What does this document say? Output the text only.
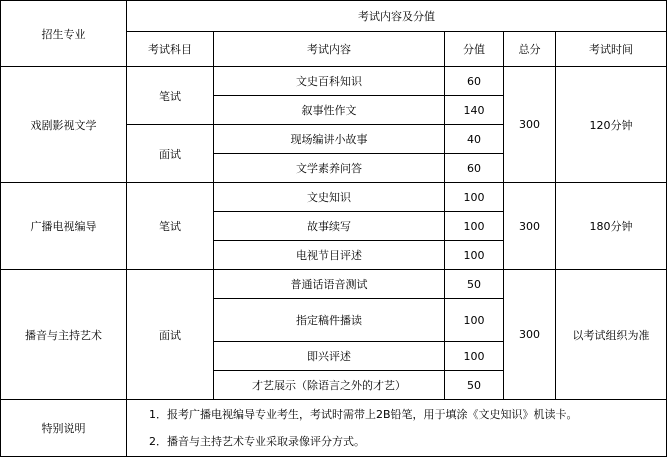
招生专业	考试内容及分值				
	考试科目	考试内容	分值	总分	考试时间
戏剧影视文学	笔试	文史百科知识	60	300	120分钟
		叙事性作文	140		
	面试	现场编讲小故事	40		
		文学素养问答	60		
广播电视编导	笔试	文史知识	100	300	180分钟
		故事续写	100		
		电视节目评述	100		
播音与主持艺术	面试	普通话语音测试	50	300	以考试组织为准
		指定稿件播读	100		
		即兴评述	100		
		才艺展示（除语言之外的才艺）	50		
特别说明	1．报考广播电视编导专业考生，考试时需带上2B铅笔，用于填涂《文史知识》机读卡。
2．播音与主持艺术专业采取录像评分方式。				
